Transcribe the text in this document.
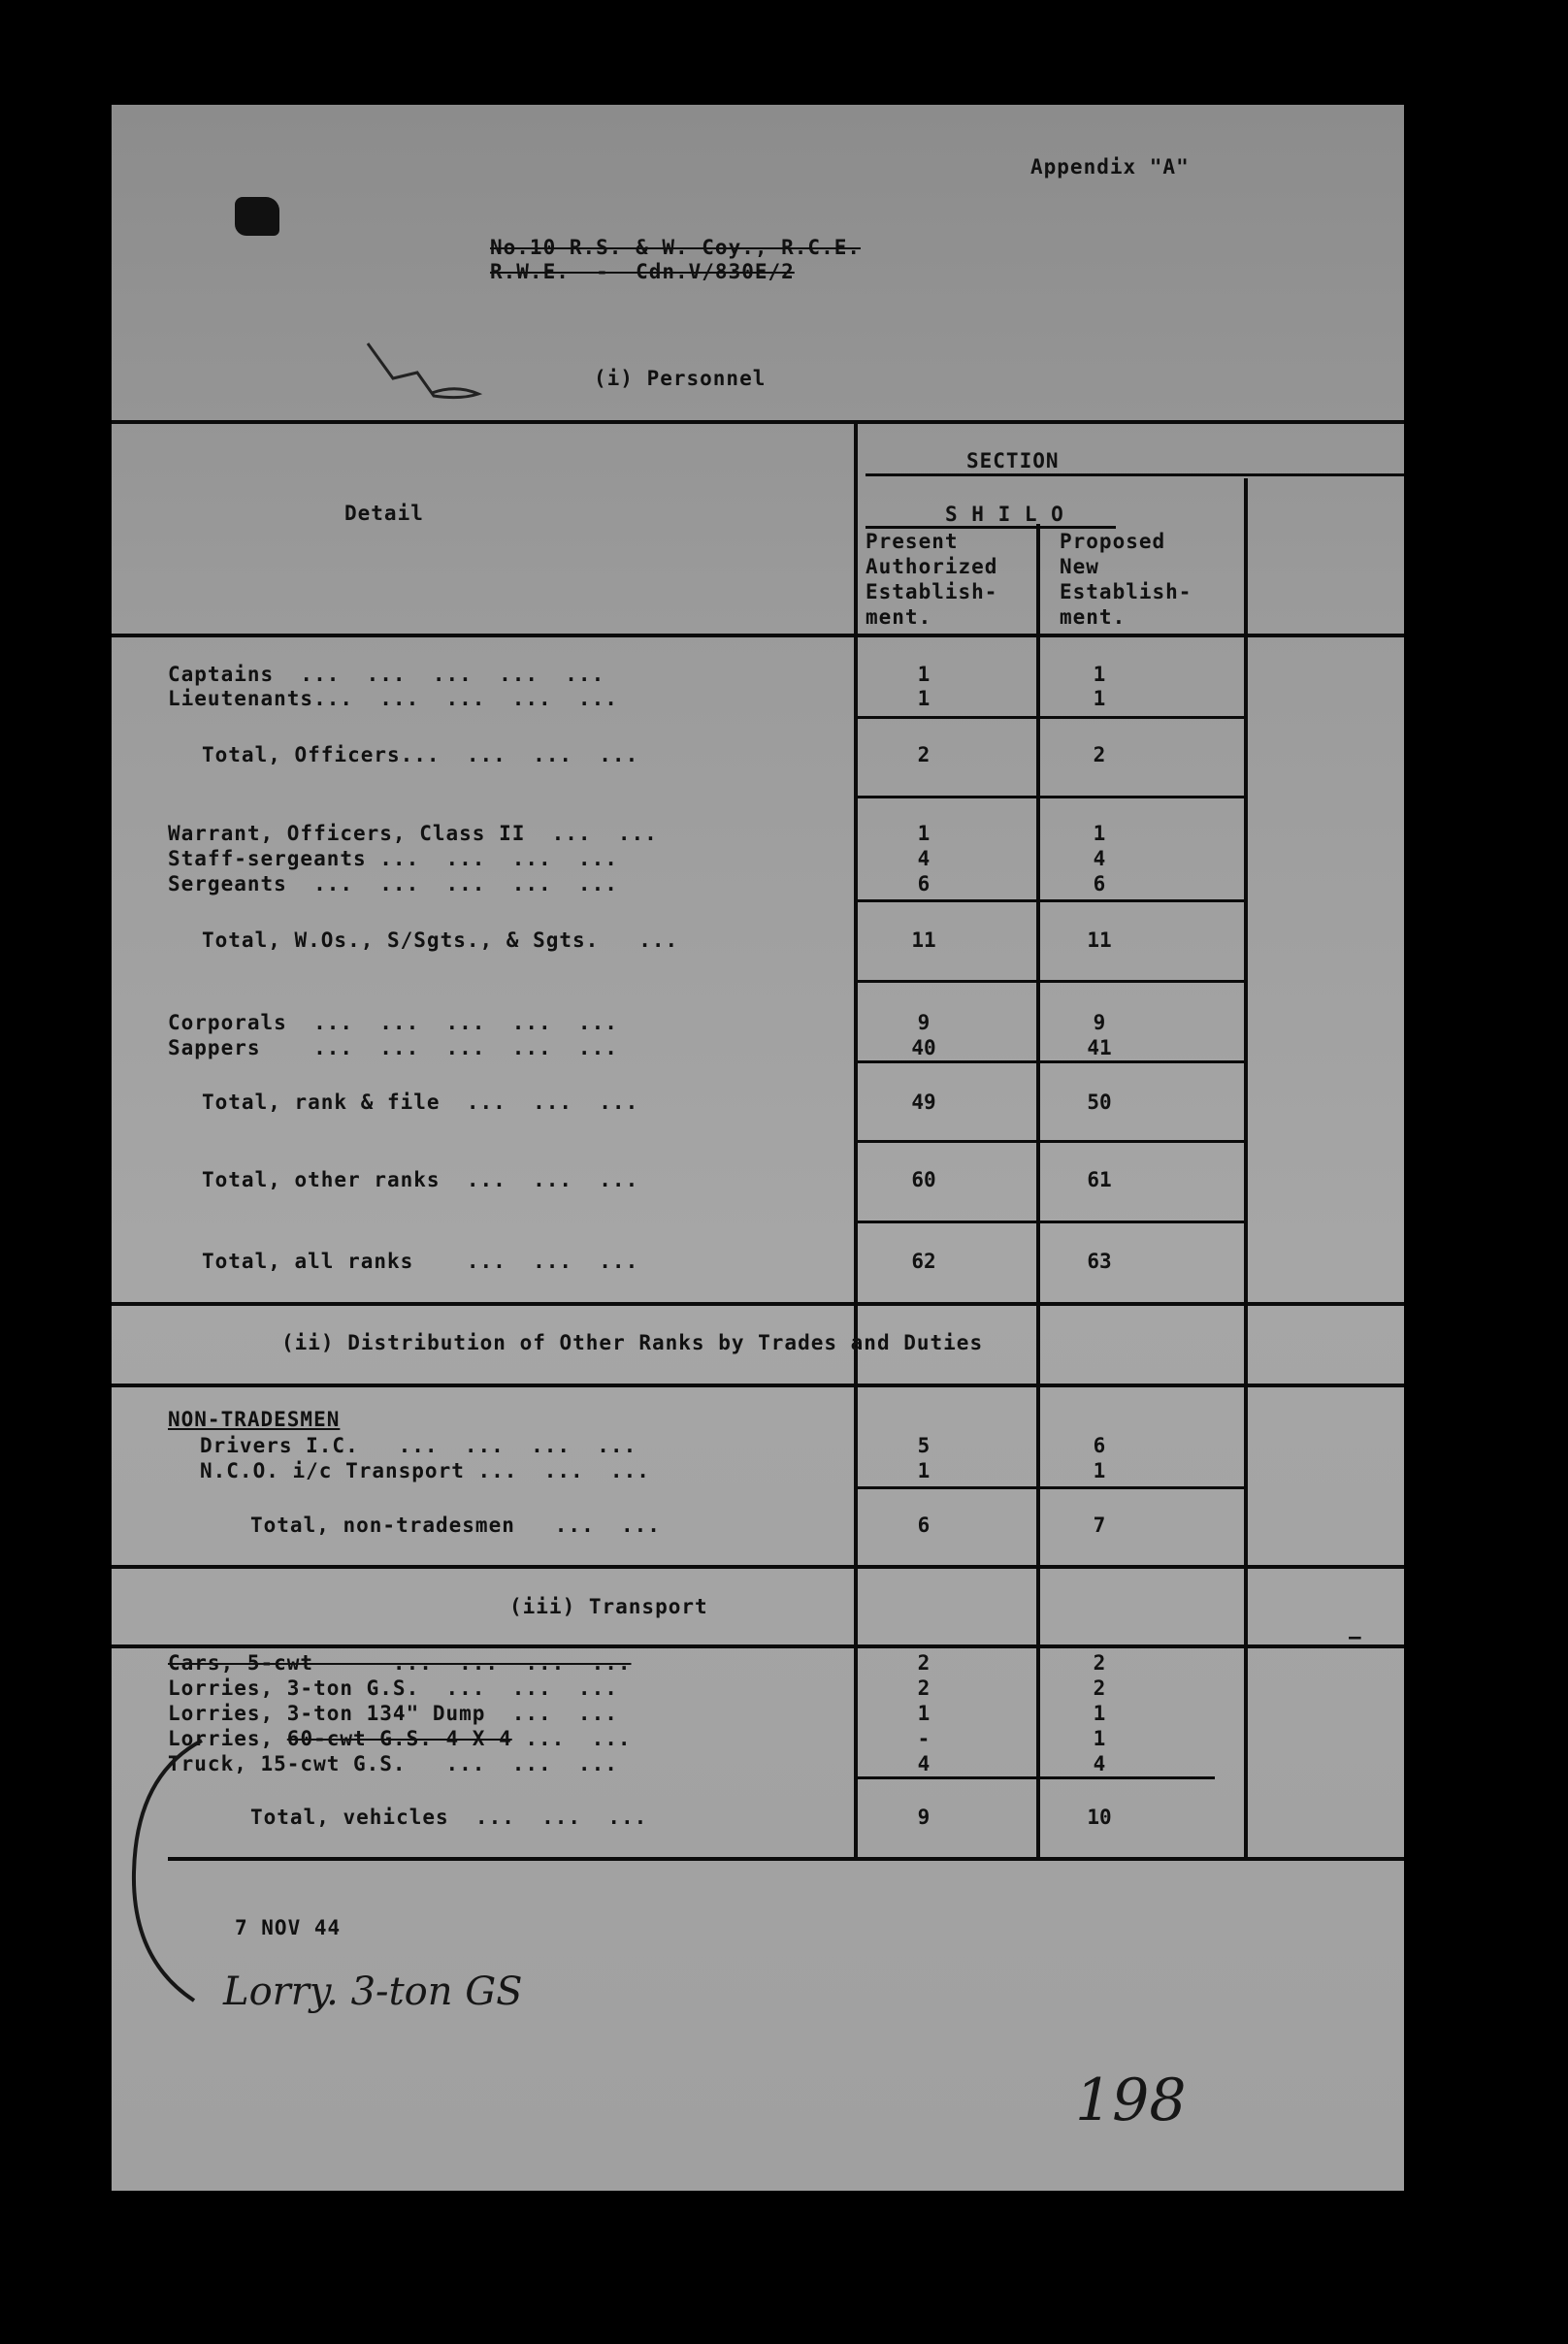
Appendix "A"
No.10 R.S. & W. Coy., R.C.E.
R.W.E.  -  Cdn.V/830E/2
(i) Personnel
Detail
SECTION
S H I L O
Present
Authorized
Establish-
ment.
Proposed
New
Establish-
ment.
Captains  ...  ...  ...  ...  ...	1	1
Lieutenants...  ...  ...  ...  ...	1	1
Total, Officers...  ...  ...  ...	2	2
Warrant, Officers, Class II  ...  ...	1	1
Staff-sergeants ...  ...  ...  ...	4	4
Sergeants  ...  ...  ...  ...  ...	6	6
Total, W.Os., S/Sgts., & Sgts.   ...	11	11
Corporals  ...  ...  ...  ...  ...	9	9
Sappers    ...  ...  ...  ...  ...	40	41
Total, rank & file  ...  ...  ...	49	50
Total, other ranks  ...  ...  ...	60	61
Total, all ranks    ...  ...  ...	62	63
(ii) Distribution of Other Ranks by Trades and Duties
NON-TRADESMEN
Drivers I.C.   ...  ...  ...  ...	5	6
N.C.O. i/c Transport ...  ...  ...	1	1
Total, non-tradesmen   ...  ...	6	7
(iii) Transport
—
Cars, 5-cwt      ...  ...  ...  ...	2	2
Lorries, 3-ton G.S.  ...  ...  ...	2	2
Lorries, 3-ton 134" Dump  ...  ...	1	1
Lorries, 60-cwt G.S. 4 X 4 ...  ...	-	1
Truck, 15-cwt G.S.   ...  ...  ...	4	4
Total, vehicles  ...  ...  ...	9	10
7 NOV 44
Lorry. 3-ton GS
198
